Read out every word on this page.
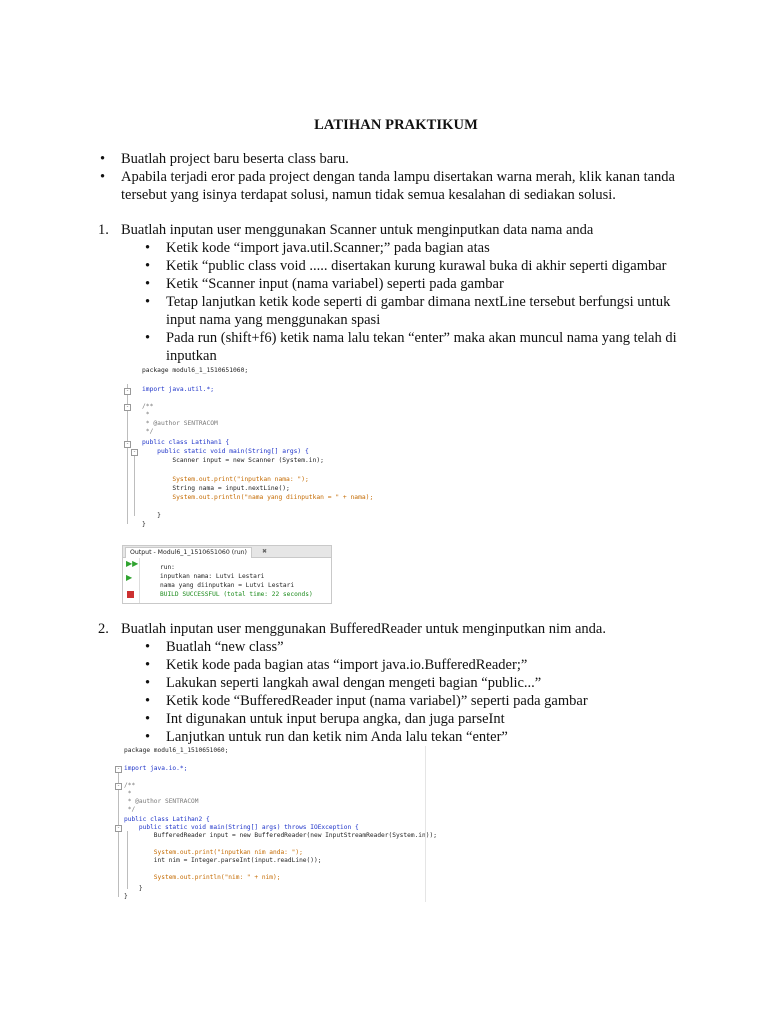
LATIHAN PRAKTIKUM
• Buatlah project baru beserta class baru.
• Apabila terjadi eror pada project dengan tanda lampu disertakan warna merah, klik kanan tanda
tersebut yang isinya terdapat solusi, namun tidak semua kesalahan di sediakan solusi.
1. Buatlah inputan user menggunakan Scanner untuk menginputkan data nama anda
• Ketik kode “import java.util.Scanner;” pada bagian atas
• Ketik “public class void ..... disertakan kurung kurawal buka di akhir seperti digambar
• Ketik “Scanner input (nama variabel) seperti pada gambar
• Tetap lanjutkan ketik kode seperti di gambar dimana nextLine tersebut berfungsi untuk
input nama yang menggunakan spasi
• Pada run (shift+f6) ketik nama lalu tekan “enter” maka akan muncul nama yang telah di
inputkan
-
-
-
-
package modul6_1_1510651060;
import java.util.*;
/**
*
* @author SENTRACOM
*/
public class Latihan1 {
public static void main(String[] args) {
Scanner input = new Scanner (System.in);
System.out.print("inputkan nama: ");
String nama = input.nextLine();
System.out.println("nama yang diinputkan = " + nama);
}
}
Output - Modul6_1_1510651060 (run)	✖
▶▶
▶
run:
inputkan nama: Lutvi Lestari
nama yang diinputkan = Lutvi Lestari
BUILD SUCCESSFUL (total time: 22 seconds)
2. Buatlah inputan user menggunakan BufferedReader untuk menginputkan nim anda.
• Buatlah “new class”
• Ketik kode pada bagian atas “import java.io.BufferedReader;”
• Lakukan seperti langkah awal dengan mengeti bagian “public...”
• Ketik kode “BufferedReader input (nama variabel)” seperti pada gambar
• Int digunakan untuk input berupa angka, dan juga parseInt
• Lanjutkan untuk run dan ketik nim Anda lalu tekan “enter”
-
-
-
package modul6_1_1510651060;
import java.io.*;
/**
*
* @author SENTRACOM
*/
public class Latihan2 {
public static void main(String[] args) throws IOException {
BufferedReader input = new BufferedReader(new InputStreamReader(System.in));
System.out.print("inputkan nim anda: ");
int nim = Integer.parseInt(input.readLine());
System.out.println("nim: " + nim);
}
}
